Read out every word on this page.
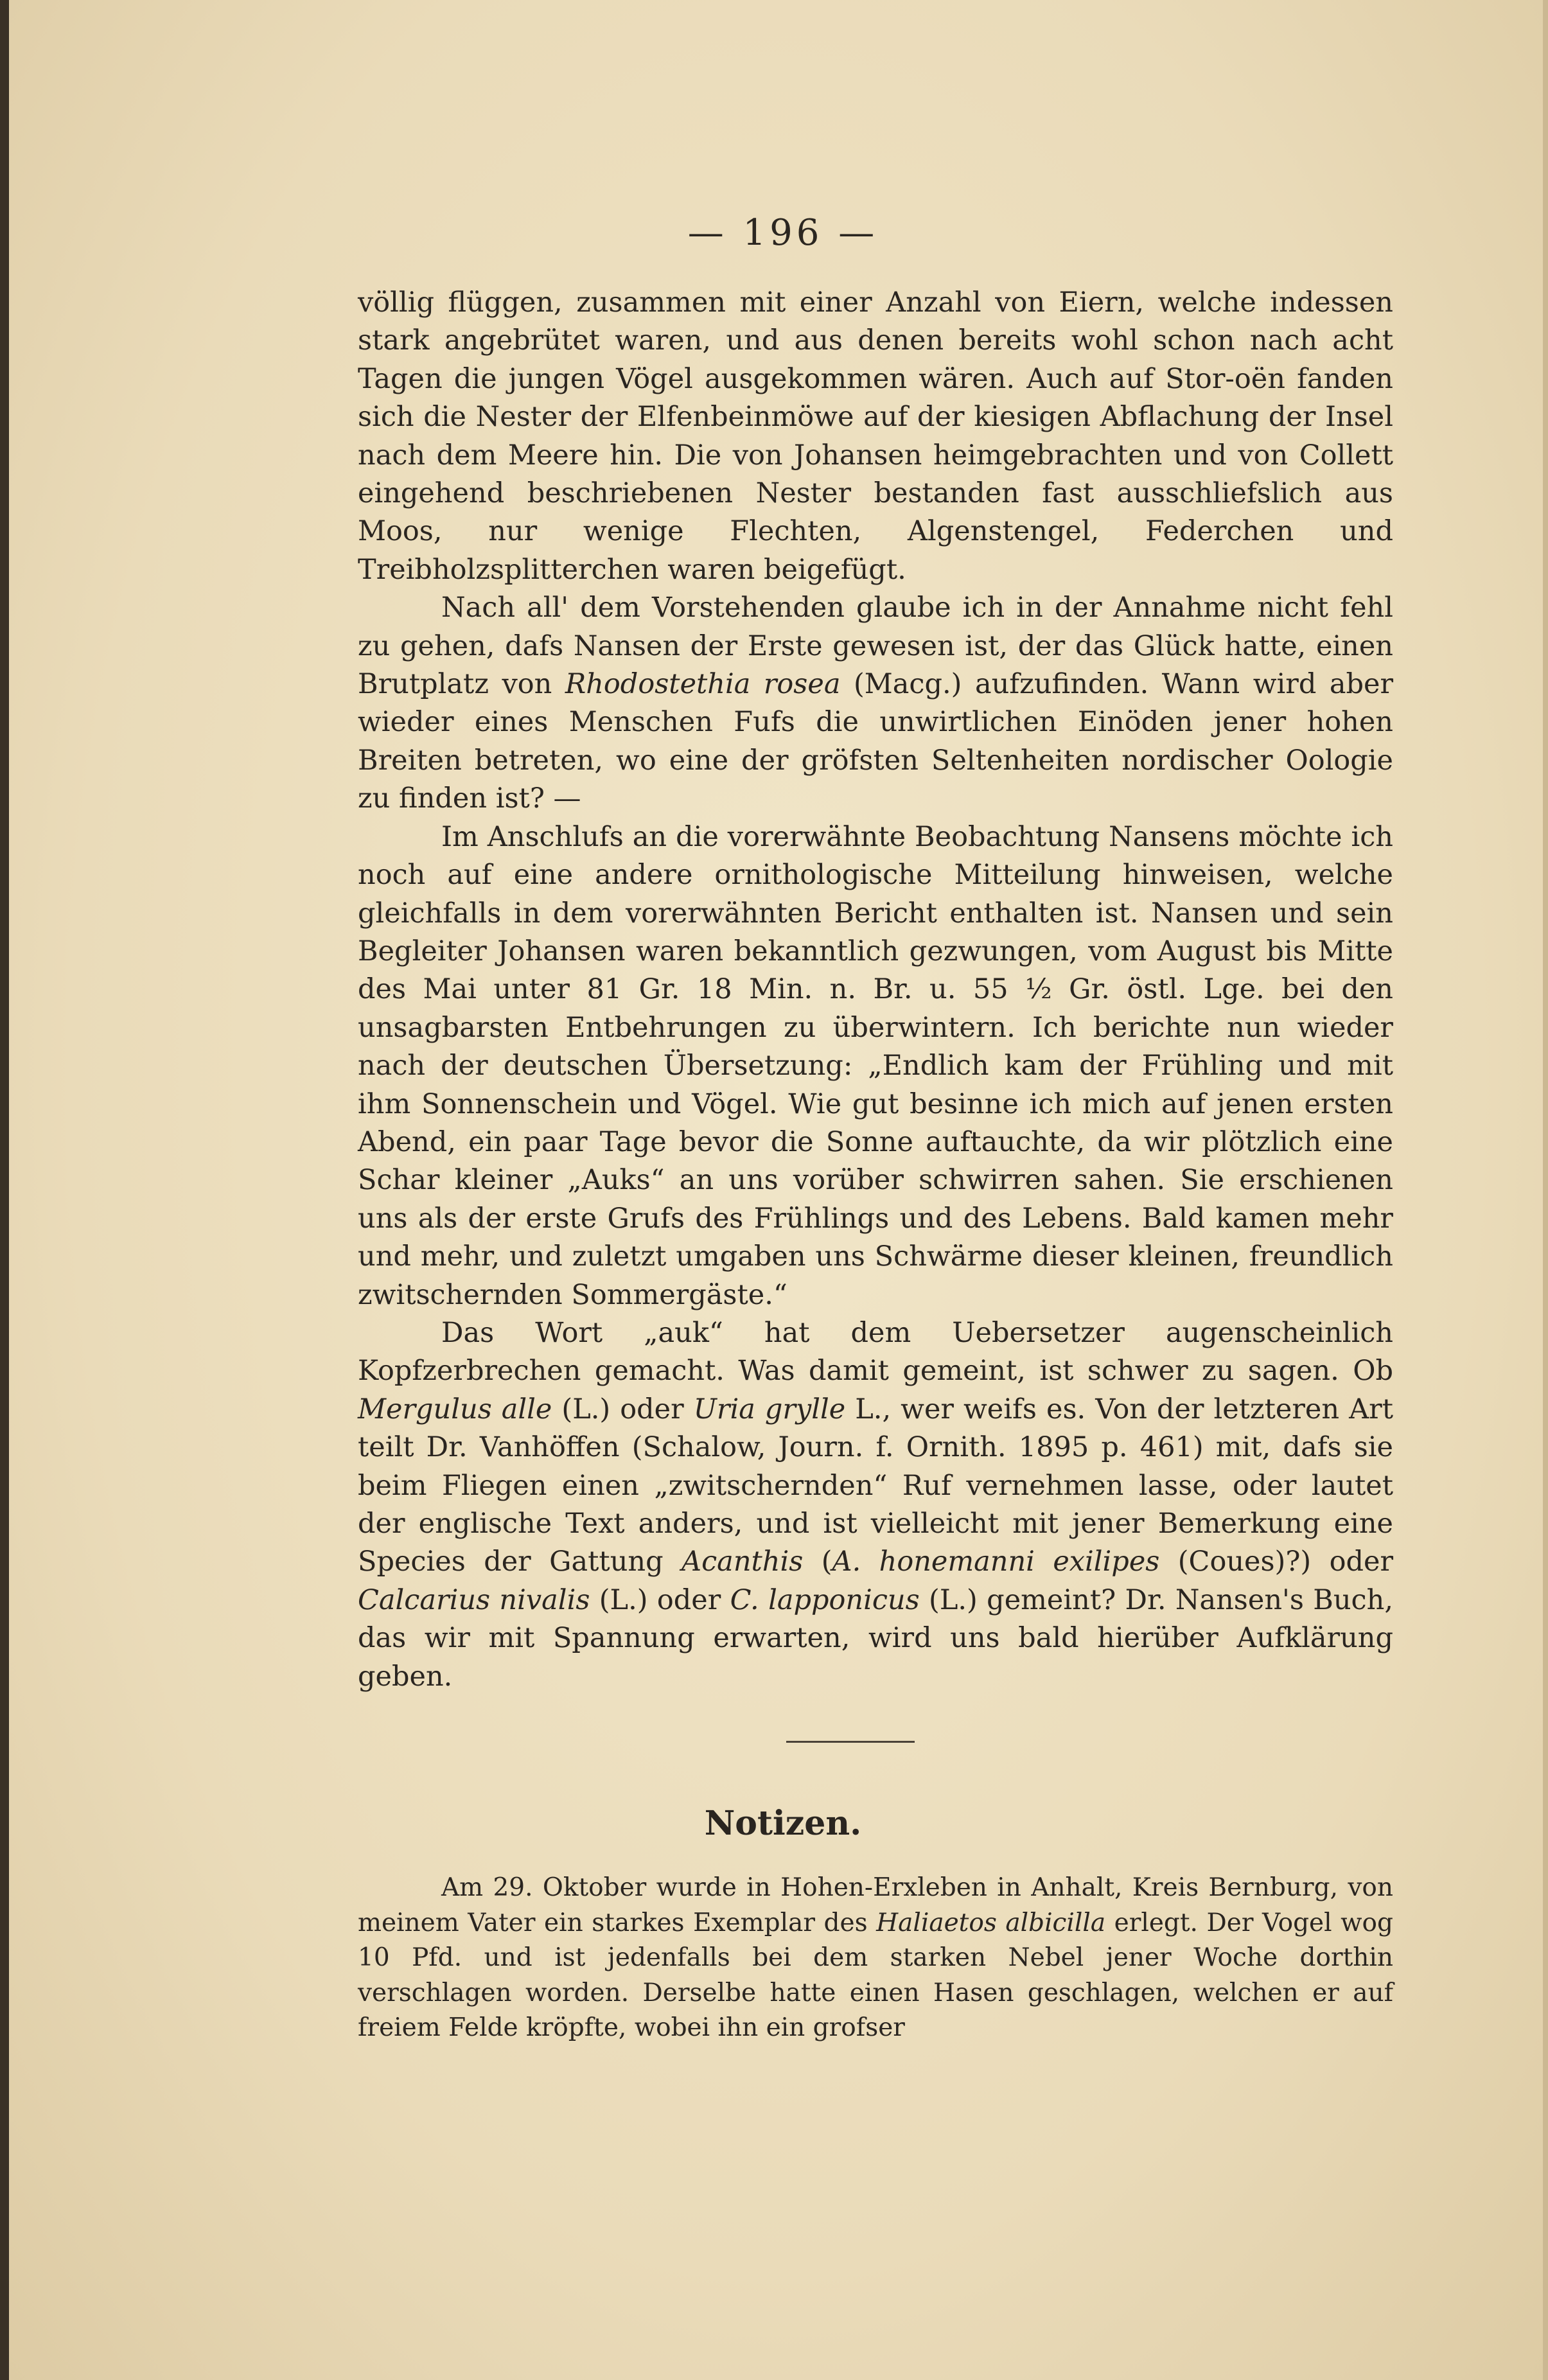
— 196 —

völlig flüggen, zusammen mit einer Anzahl von Eiern, welche indessen stark angebrütet waren, und aus denen bereits wohl schon nach acht Tagen die jungen Vögel ausgekommen wären. Auch auf Stor-oën fanden sich die Nester der Elfenbeinmöwe auf der kiesigen Abflachung der Insel nach dem Meere hin. Die von Johansen heimgebrachten und von Collett eingehend beschriebenen Nester bestanden fast ausschliefslich aus Moos, nur wenige Flechten, Algenstengel, Federchen und Treibholzsplitterchen waren beigefügt.

Nach all' dem Vorstehenden glaube ich in der Annahme nicht fehl zu gehen, dafs Nansen der Erste gewesen ist, der das Glück hatte, einen Brutplatz von Rhodostethia rosea (Macg.) aufzufinden. Wann wird aber wieder eines Menschen Fufs die unwirtlichen Einöden jener hohen Breiten betreten, wo eine der gröfsten Seltenheiten nordischer Oologie zu finden ist? —

Im Anschlufs an die vorerwähnte Beobachtung Nansens möchte ich noch auf eine andere ornithologische Mitteilung hinweisen, welche gleichfalls in dem vorerwähnten Bericht enthalten ist. Nansen und sein Begleiter Johansen waren bekanntlich gezwungen, vom August bis Mitte des Mai unter 81 Gr. 18 Min. n. Br. u. 55 ½ Gr. östl. Lge. bei den unsagbarsten Entbehrungen zu überwintern. Ich berichte nun wieder nach der deutschen Übersetzung: „Endlich kam der Frühling und mit ihm Sonnenschein und Vögel. Wie gut besinne ich mich auf jenen ersten Abend, ein paar Tage bevor die Sonne auftauchte, da wir plötzlich eine Schar kleiner „Auks“ an uns vorüber schwirren sahen. Sie erschienen uns als der erste Grufs des Frühlings und des Lebens. Bald kamen mehr und mehr, und zuletzt umgaben uns Schwärme dieser kleinen, freundlich zwitschernden Sommergäste.“

Das Wort „auk“ hat dem Uebersetzer augenscheinlich Kopfzerbrechen gemacht. Was damit gemeint, ist schwer zu sagen. Ob Mergulus alle (L.) oder Uria grylle L., wer weifs es. Von der letzteren Art teilt Dr. Vanhöffen (Schalow, Journ. f. Ornith. 1895 p. 461) mit, dafs sie beim Fliegen einen „zwitschernden“ Ruf vernehmen lasse, oder lautet der englische Text anders, und ist vielleicht mit jener Bemerkung eine Species der Gattung Acanthis (A. honemanni exilipes (Coues)?) oder Calcarius nivalis (L.) oder C. lapponicus (L.) gemeint? Dr. Nansen's Buch, das wir mit Spannung erwarten, wird uns bald hierüber Aufklärung geben.

Notizen.

Am 29. Oktober wurde in Hohen-Erxleben in Anhalt, Kreis Bernburg, von meinem Vater ein starkes Exemplar des Haliaetos albicilla erlegt. Der Vogel wog 10 Pfd. und ist jedenfalls bei dem starken Nebel jener Woche dorthin verschlagen worden. Derselbe hatte einen Hasen geschlagen, welchen er auf freiem Felde kröpfte, wobei ihn ein grofser
